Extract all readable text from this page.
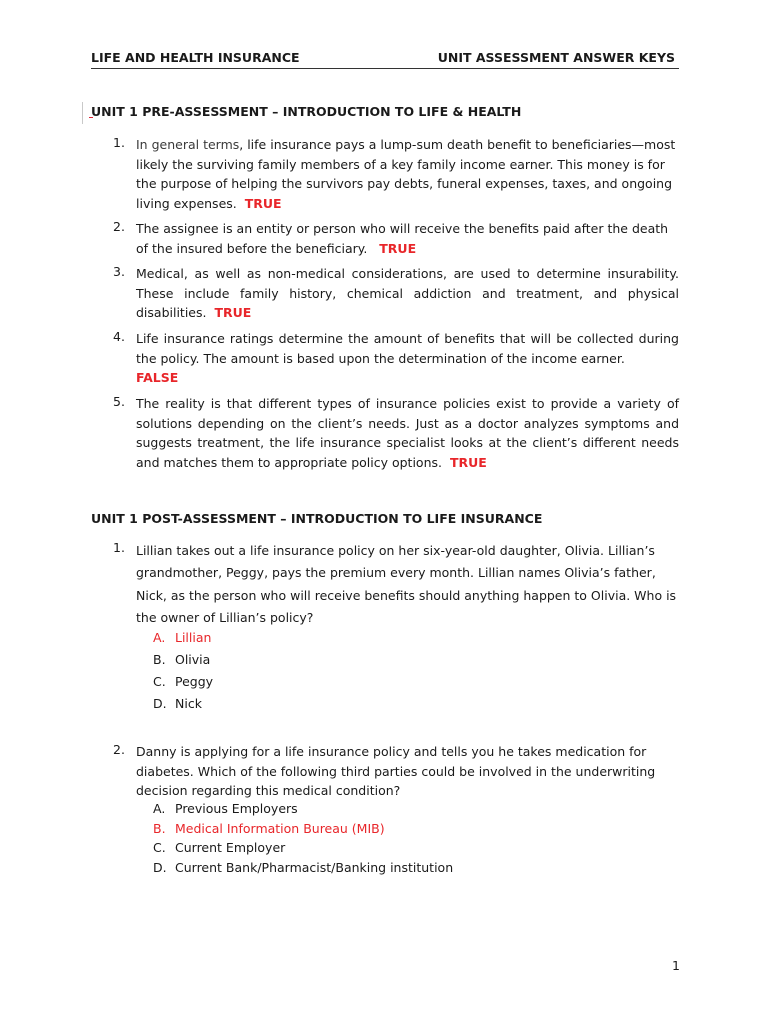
LIFE AND HEALTH INSURANCE	UNIT ASSESSMENT ANSWER KEYS
UNIT 1 PRE-ASSESSMENT – INTRODUCTION TO LIFE & HEALTH
1. In general terms, life insurance pays a lump-sum death benefit to beneficiaries—most likely the surviving family members of a key family income earner. This money is for the purpose of helping the survivors pay debts, funeral expenses, taxes, and ongoing living expenses. TRUE
2. The assignee is an entity or person who will receive the benefits paid after the death of the insured before the beneficiary. TRUE
3. Medical, as well as non-medical considerations, are used to determine insurability. These include family history, chemical addiction and treatment, and physical disabilities. TRUE
4. Life insurance ratings determine the amount of benefits that will be collected during the policy. The amount is based upon the determination of the income earner.
FALSE
5. The reality is that different types of insurance policies exist to provide a variety of solutions depending on the client’s needs. Just as a doctor analyzes symptoms and suggests treatment, the life insurance specialist looks at the client’s different needs and matches them to appropriate policy options. TRUE
UNIT 1 POST-ASSESSMENT – INTRODUCTION TO LIFE INSURANCE
1. Lillian takes out a life insurance policy on her six-year-old daughter, Olivia. Lillian’s grandmother, Peggy, pays the premium every month. Lillian names Olivia’s father, Nick, as the person who will receive benefits should anything happen to Olivia. Who is the owner of Lillian’s policy?
A. Lillian
B. Olivia
C. Peggy
D. Nick
2. Danny is applying for a life insurance policy and tells you he takes medication for diabetes. Which of the following third parties could be involved in the underwriting decision regarding this medical condition?
A. Previous Employers
B. Medical Information Bureau (MIB)
C. Current Employer
D. Current Bank/Pharmacist/Banking institution
1
